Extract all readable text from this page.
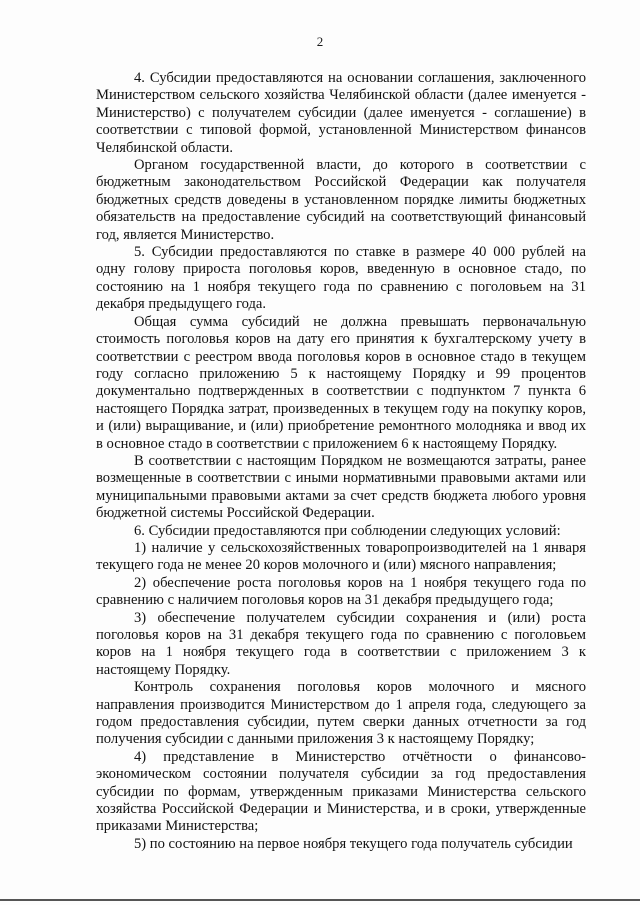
2

4. Субсидии предоставляются на основании соглашения, заключенного Министерством сельского хозяйства Челябинской области (далее именуется - Министерство) с получателем субсидии (далее именуется - соглашение) в соответствии с типовой формой, установленной Министерством финансов Челябинской области.

Органом государственной власти, до которого в соответствии с бюджетным законодательством Российской Федерации как получателя бюджетных средств доведены в установленном порядке лимиты бюджетных обязательств на предоставление субсидий на соответствующий финансовый год, является Министерство.

5. Субсидии предоставляются по ставке в размере 40 000 рублей на одну голову прироста поголовья коров, введенную в основное стадо, по состоянию на 1 ноября текущего года по сравнению с поголовьем на 31 декабря предыдущего года.

Общая сумма субсидий не должна превышать первоначальную стоимость поголовья коров на дату его принятия к бухгалтерскому учету в соответствии с реестром ввода поголовья коров в основное стадо в текущем году согласно приложению 5 к настоящему Порядку и 99 процентов документально подтвержденных в соответствии с подпунктом 7 пункта 6 настоящего Порядка затрат, произведенных в текущем году на покупку коров, и (или) выращивание, и (или) приобретение ремонтного молодняка и ввод их в основное стадо в соответствии с приложением 6 к настоящему Порядку.

В соответствии с настоящим Порядком не возмещаются затраты, ранее возмещенные в соответствии с иными нормативными правовыми актами или муниципальными правовыми актами за счет средств бюджета любого уровня бюджетной системы Российской Федерации.

6. Субсидии предоставляются при соблюдении следующих условий:

1) наличие у сельскохозяйственных товаропроизводителей на 1 января текущего года не менее 20 коров молочного и (или) мясного направления;

2) обеспечение роста поголовья коров на 1 ноября текущего года по сравнению с наличием поголовья коров на 31 декабря предыдущего года;

3) обеспечение получателем субсидии сохранения и (или) роста поголовья коров на 31 декабря текущего года по сравнению с поголовьем коров на 1 ноября текущего года в соответствии с приложением 3 к настоящему Порядку.

Контроль сохранения поголовья коров молочного и мясного направления производится Министерством до 1 апреля года, следующего за годом предоставления субсидии, путем сверки данных отчетности за год получения субсидии с данными приложения 3 к настоящему Порядку;

4) представление в Министерство отчётности о финансово-экономическом состоянии получателя субсидии за год предоставления субсидии по формам, утвержденным приказами Министерства сельского хозяйства Российской Федерации и Министерства, и в сроки, утвержденные приказами Министерства;

5) по состоянию на первое ноября текущего года получатель субсидии
